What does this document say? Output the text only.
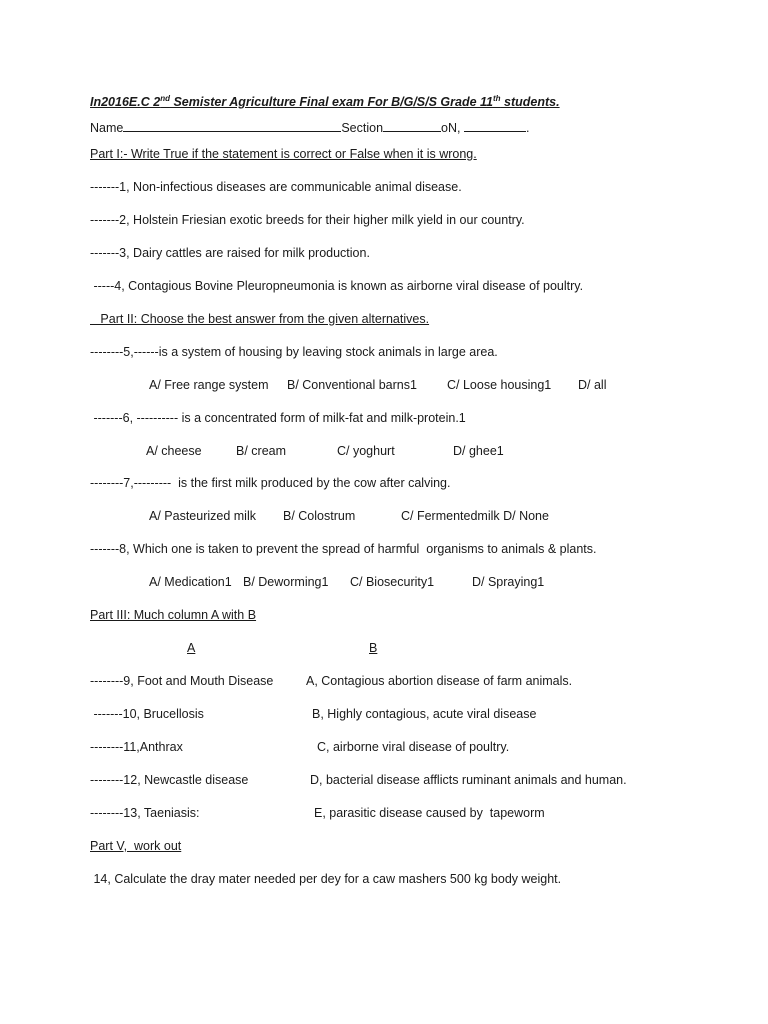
In2016E.C 2nd Semister Agriculture Final exam For B/G/S/S Grade 11th students.
Name	Section	oN,	.
Part I:- Write True if the statement is correct or False when it is wrong.
-------1, Non-infectious diseases are communicable animal disease.
-------2, Holstein Friesian exotic breeds for their higher milk yield in our country.
-------3, Dairy cattles are raised for milk production.
-----4, Contagious Bovine Pleuropneumonia is known as airborne viral disease of poultry.
Part II: Choose the best answer from the given alternatives.
--------5,------is a system of housing by leaving stock animals in large area.
A/ Free range system B/ Conventional barns1 C/ Loose housing1 D/ all
-------6, ---------- is a concentrated form of milk-fat and milk-protein.1
A/ cheese	B/ cream	C/ yoghurt	D/ ghee1
--------7,---------  is the first milk produced by the cow after calving.
A/ Pasteurized milk B/ Colostrum	C/ Fermentedmilk D/ None
-------8, Which one is taken to prevent the spread of harmful  organisms to animals & plants.
A/ Medication1 B/ Deworming1 C/ Biosecurity1	D/ Spraying1
Part III: Much column A with B
A	B
--------9, Foot and Mouth Disease	A, Contagious abortion disease of farm animals.
-------10, Brucellosis	B, Highly contagious, acute viral disease
--------11,Anthrax	C, airborne viral disease of poultry.
--------12, Newcastle disease	D, bacterial disease afflicts ruminant animals and human.
--------13, Taeniasis:	E, parasitic disease caused by  tapeworm
Part V,  work out
14, Calculate the dray mater needed per dey for a caw mashers 500 kg body weight.
